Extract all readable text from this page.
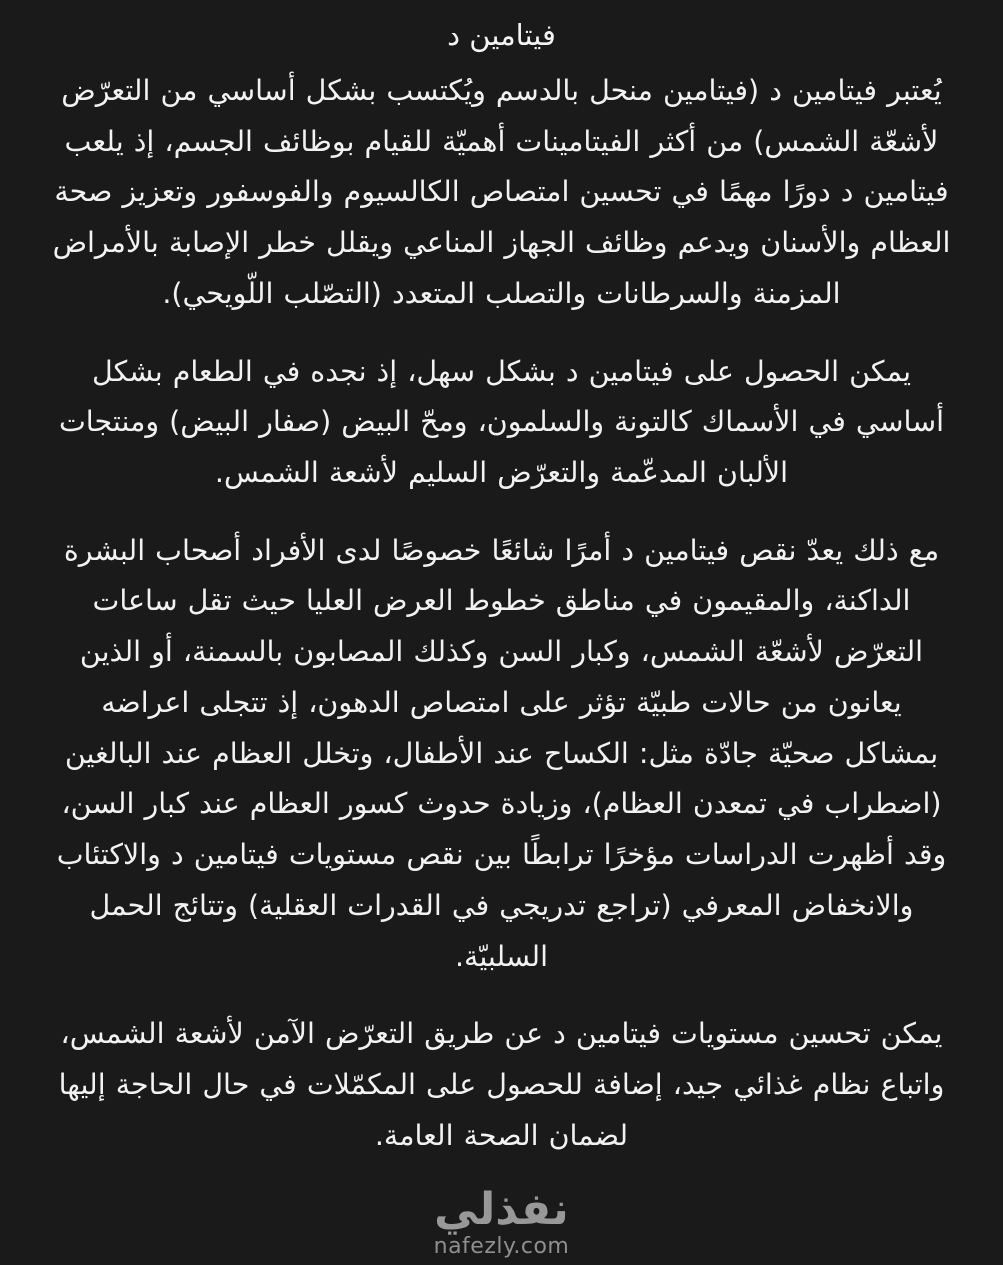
فيتامين د

يُعتبر فيتامين د (فيتامين منحل بالدسم ويُكتسب بشكل أساسي من التعرّض لأشعّة الشمس) من أكثر الفيتامينات أهميّة للقيام بوظائف الجسم، إذ يلعب فيتامين د دورًا مهمًا في تحسين امتصاص الكالسيوم والفوسفور وتعزيز صحة العظام والأسنان ويدعم وظائف الجهاز المناعي ويقلل خطر الإصابة بالأمراض المزمنة والسرطانات والتصلب المتعدد (التصّلب اللّويحي).

يمكن الحصول على فيتامين د بشكل سهل، إذ نجده في الطعام بشكل أساسي في الأسماك كالتونة والسلمون، ومحّ البيض (صفار البيض) ومنتجات الألبان المدعّمة والتعرّض السليم لأشعة الشمس.

مع ذلك يعدّ نقص فيتامين د أمرًا شائعًا خصوصًا لدى الأفراد أصحاب البشرة الداكنة، والمقيمون في مناطق خطوط العرض العليا حيث تقل ساعات التعرّض لأشعّة الشمس، وكبار السن وكذلك المصابون بالسمنة، أو الذين يعانون من حالات طبيّة تؤثر على امتصاص الدهون، إذ تتجلى اعراضه بمشاكل صحيّة جادّة مثل: الكساح عند الأطفال، وتخلل العظام عند البالغين (اضطراب في تمعدن العظام)، وزيادة حدوث كسور العظام عند كبار السن، وقد أظهرت الدراسات مؤخرًا ترابطًا بين نقص مستويات فيتامين د والاكتئاب والانخفاض المعرفي (تراجع تدريجي في القدرات العقلية) وتتائج الحمل السلبيّة.

يمكن تحسين مستويات فيتامين د عن طريق التعرّض الآمن لأشعة الشمس، واتباع نظام غذائي جيد، إضافة للحصول على المكمّلات في حال الحاجة إليها لضمان الصحة العامة.

نفذلي
nafezly.com
